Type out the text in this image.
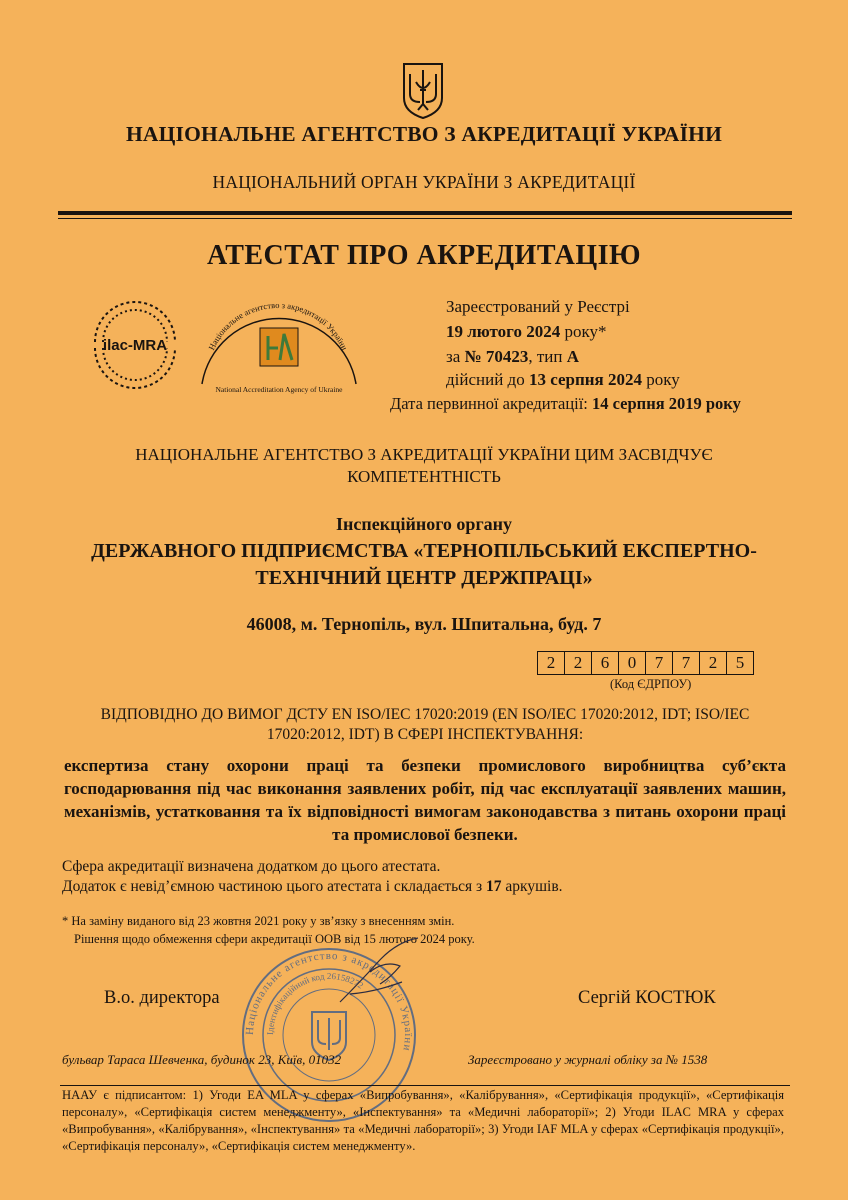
НАЦІОНАЛЬНЕ АГЕНТСТВО З АКРЕДИТАЦІЇ УКРАЇНИ
НАЦІОНАЛЬНИЙ ОРГАН УКРАЇНИ З АКРЕДИТАЦІЇ
АТЕСТАТ ПРО АКРЕДИТАЦІЮ
ilac-MRA	Національне агентство з акредитації України
National Accreditation Agency of Ukraine
Зареєстрований у Реєстрі
19 лютого 2024 року*
за № 70423, тип А
дійсний до 13 серпня 2024 року
Дата первинної акредитації: 14 серпня 2019 року
НАЦІОНАЛЬНЕ АГЕНТСТВО З АКРЕДИТАЦІЇ УКРАЇНИ ЦИМ ЗАСВІДЧУЄ КОМПЕТЕНТНІСТЬ
Інспекційного органу
ДЕРЖАВНОГО ПІДПРИЄМСТВА «ТЕРНОПІЛЬСЬКИЙ ЕКСПЕРТНО-ТЕХНІЧНИЙ ЦЕНТР ДЕРЖПРАЦІ»
46008, м. Тернопіль, вул. Шпитальна, буд. 7
2	2	6	0	7	7	2	5
(Код ЄДРПОУ)
ВІДПОВІДНО ДО ВИМОГ ДСТУ EN ISO/IEC 17020:2019 (EN ISO/IEC 17020:2012, IDT; ISO/IEC 17020:2012, IDT) В СФЕРІ ІНСПЕКТУВАННЯ:
експертиза стану охорони праці та безпеки промислового виробництва суб’єкта господарювання під час виконання заявлених робіт, під час експлуатації заявлених машин, механізмів, устатковання та їх відповідності вимогам законодавства з питань охорони праці та промислової безпеки.
Сфера акредитації визначена додатком до цього атестата.
Додаток є невід’ємною частиною цього атестата і складається з 17 аркушів.
* На заміну виданого від 23 жовтня 2021 року у зв’язку з внесенням змін.
Рішення щодо обмеження сфери акредитації ООВ від 15 лютого 2024 року.
В.о. директора	Сергій КОСТЮК
Національне агентство з акредитації України
Ідентифікаційний код 26158272
бульвар Тараса Шевченка, будинок 23, Київ, 01032	Зареєстровано у журналі обліку за № 1538
НААУ є підписантом: 1) Угоди EA MLA у сферах «Випробування», «Калібрування», «Сертифікація продукції», «Сертифікація персоналу», «Сертифікація систем менеджменту», «Інспектування» та «Медичні лабораторії»; 2) Угоди ILAC MRA у сферах «Випробування», «Калібрування», «Інспектування» та «Медичні лабораторії»; 3) Угоди IAF MLA у сферах «Сертифікація продукції», «Сертифікація персоналу», «Сертифікація систем менеджменту».
